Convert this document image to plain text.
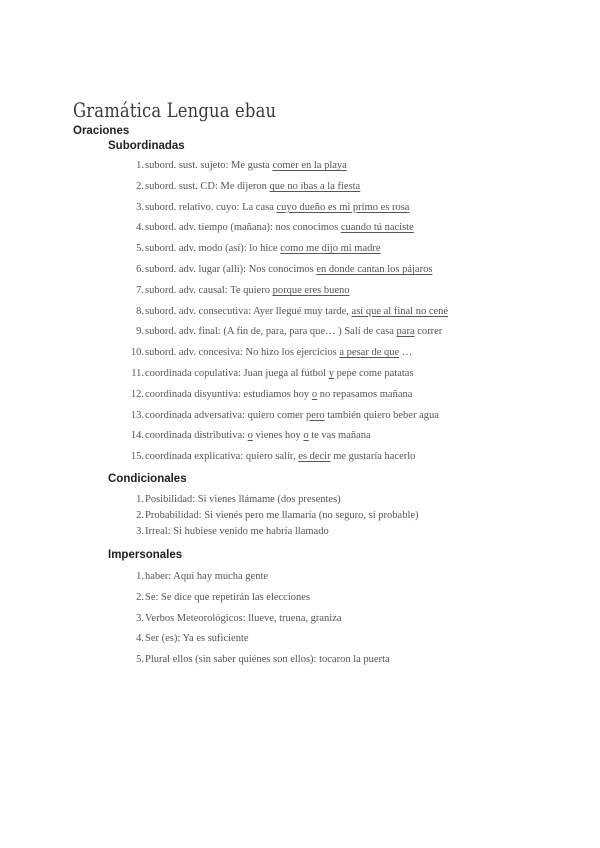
Gramática Lengua ebau
Oraciones
Subordinadas
1. subord. sust. sujeto: Me gusta comer en la playa
2. subord. sust. CD: Me dijeron que no ibas a la fiesta
3. subord. relativo. cuyo: La casa cuyo dueño es mi primo es rosa
4. subord. adv. tiempo (mañana): nos conocimos cuando tú naciste
5. subord. adv. modo (así): lo hice como me dijo mi madre
6. subord. adv. lugar (allí): Nos conocimos en donde cantan los pájaros
7. subord. adv. causal: Te quiero porque eres bueno
8. subord. adv. consecutiva: Ayer llegué muy tarde, así que al final no cené
9. subord. adv. final: (A fin de, para, para que… ) Salí de casa para correr
10. subord. adv. concesiva: No hizo los ejercicios a pesar de que …
11. coordinada copulativa: Juan juega al fútbol y pepe come patatas
12. coordinada disyuntiva: estudiamos hoy o no repasamos mañana
13. coordinada adversativa: quiero comer pero también quiero beber agua
14. coordinada distributiva: o vienes hoy o te vas mañana
15. coordinada explicativa: quiero salir, es decir me gustaría hacerlo
Condicionales
1. Posibilidad: Si vienes llámame (dos presentes)
2. Probabilidad: Si vienés pero me llamaría (no seguro, sí probable)
3. Irreal: Si hubiese venido me habría llamado
Impersonales
1. haber: Aquí hay mucha gente
2. Se: Se dice que repetirán las elecciones
3. Verbos Meteorológicos: llueve, truena, graniza
4. Ser (es): Ya es suficiente
5. Plural ellos (sin saber quiénes son ellos): tocaron la puerta
